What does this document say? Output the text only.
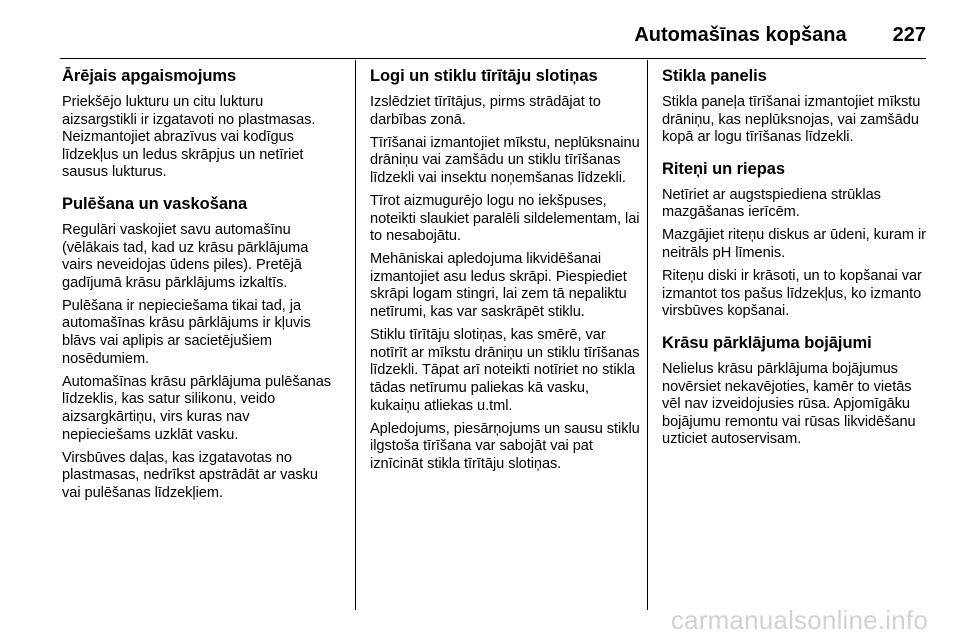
Automašīnas kopšana 227
Ārējais apgaismojums

Priekšējo lukturu un citu lukturu aizsargstikli ir izgatavoti no plastmasas. Neizmantojiet abrazīvus vai kodīgus līdzekļus un ledus skrāpjus un netīriet sausus lukturus.

Pulēšana un vaskošana

Regulāri vaskojiet savu automašīnu (vēlākais tad, kad uz krāsu pārklājuma vairs neveidojas ūdens piles). Pretējā gadījumā krāsu pārklājums izkaltīs.

Pulēšana ir nepieciešama tikai tad, ja automašīnas krāsu pārklājums ir kļuvis blāvs vai aplipis ar sacietējušiem nosēdumiem.

Automašīnas krāsu pārklājuma pulēšanas līdzeklis, kas satur silikonu, veido aizsargkārtiņu, virs kuras nav nepieciešams uzklāt vasku.

Virsbūves daļas, kas izgatavotas no plastmasas, nedrīkst apstrādāt ar vasku vai pulēšanas līdzekļiem.

Logi un stiklu tīrītāju slotiņas

Izslēdziet tīrītājus, pirms strādājat to darbības zonā.

Tīrīšanai izmantojiet mīkstu, neplūksnainu drāniņu vai zamšādu un stiklu tīrīšanas līdzekli vai insektu noņemšanas līdzekli.

Tīrot aizmugurējo logu no iekšpuses, noteikti slaukiet paralēli sildelementam, lai to nesabojātu.

Mehāniskai apledojuma likvidēšanai izmantojiet asu ledus skrāpi. Piespiediet skrāpi logam stingri, lai zem tā nepaliktu netīrumi, kas var saskrāpēt stiklu.

Stiklu tīrītāju slotiņas, kas smērē, var notīrīt ar mīkstu drāniņu un stiklu tīrīšanas līdzekli. Tāpat arī noteikti notīriet no stikla tādas netīrumu paliekas kā vasku, kukaiņu atliekas u.tml.

Apledojums, piesārņojums un sausu stiklu ilgstoša tīrīšana var sabojāt vai pat iznīcināt stikla tīrītāju slotiņas.

Stikla panelis

Stikla paneļa tīrīšanai izmantojiet mīkstu drāniņu, kas neplūksnojas, vai zamšādu kopā ar logu tīrīšanas līdzekli.

Riteņi un riepas

Netīriet ar augstspiediena strūklas mazgāšanas ierīcēm.

Mazgājiet riteņu diskus ar ūdeni, kuram ir neitrāls pH līmenis.

Riteņu diski ir krāsoti, un to kopšanai var izmantot tos pašus līdzekļus, ko izmanto virsbūves kopšanai.

Krāsu pārklājuma bojājumi

Nelielus krāsu pārklājuma bojājumus novērsiet nekavējoties, kamēr to vietās vēl nav izveidojusies rūsa. Apjomīgāku bojājumu remontu vai rūsas likvidēšanu uzticiet autoservisam.

carmanualsonline.info
